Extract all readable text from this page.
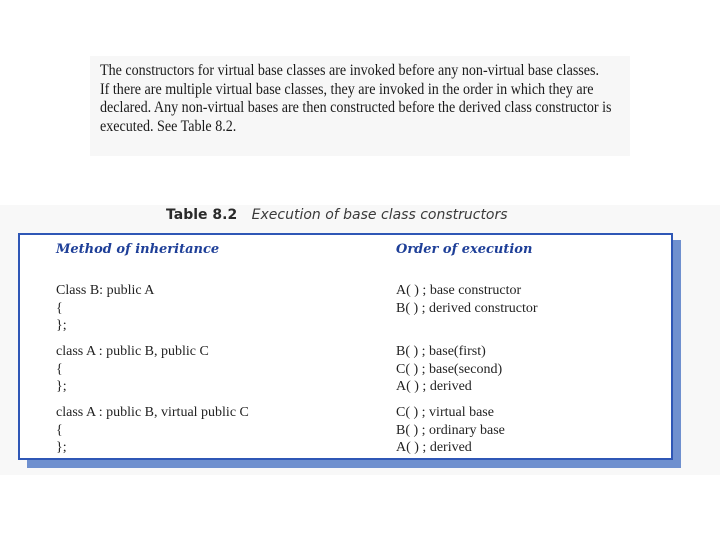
The constructors for virtual base classes are invoked before any non-virtual base classes.
If there are multiple virtual base classes, they are invoked in the order in which they are
declared. Any non-virtual bases are then constructed before the derived class constructor is
executed. See Table 8.2.
Table 8.2 Execution of base class constructors
Method of inheritance	Order of execution
Class B: public A
{
};
A( ) ; base constructor
B( ) ; derived constructor
class A : public B, public C
{
};
B( ) ; base(first)
C( ) ; base(second)
A( ) ; derived
class A : public B, virtual public C
{
};
C( ) ; virtual base
B( ) ; ordinary base
A( ) ; derived
